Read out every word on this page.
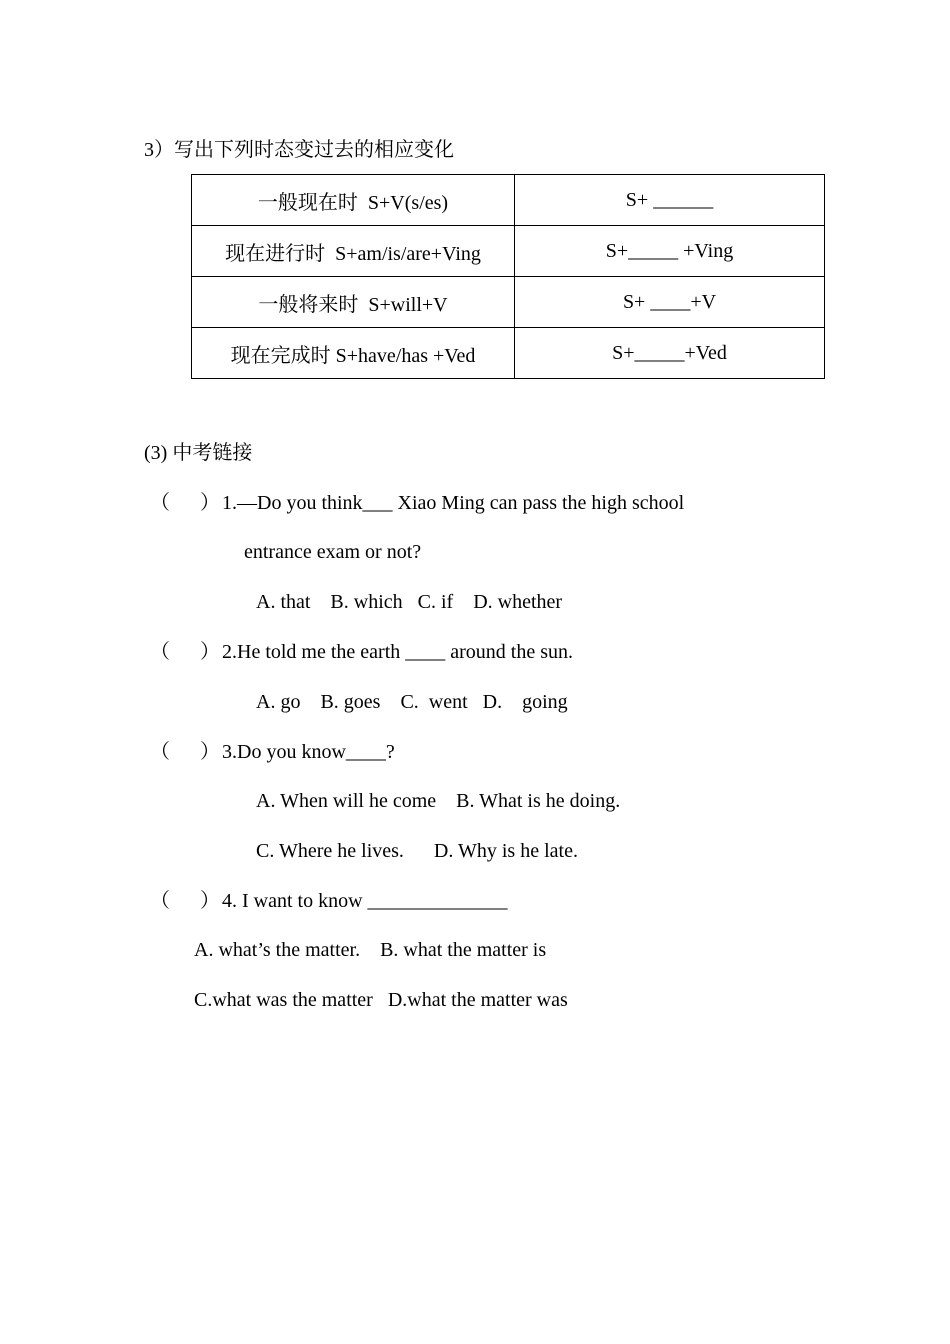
3）写出下列时态变过去的相应变化
一般现在时  S+V(s/es)	S+ ______
现在进行时  S+am/is/are+Ving	S+_____ +Ving
一般将来时  S+will+V	S+ ____+V
现在完成时 S+have/has +Ved	S+_____+Ved
(3) 中考链接
（      ） 1.—Do you think___ Xiao Ming can pass the high school
entrance exam or not?
A. that    B. which   C. if    D. whether
（      ） 2.He told me the earth ____ around the sun.
A. go    B. goes    C.  went   D.    going
（      ） 3.Do you know____?
A. When will he come    B. What is he doing.
C. Where he lives.      D. Why is he late.
（      ） 4. I want to know ______________
A. what’s the matter.    B. what the matter is
C.what was the matter   D.what the matter was
